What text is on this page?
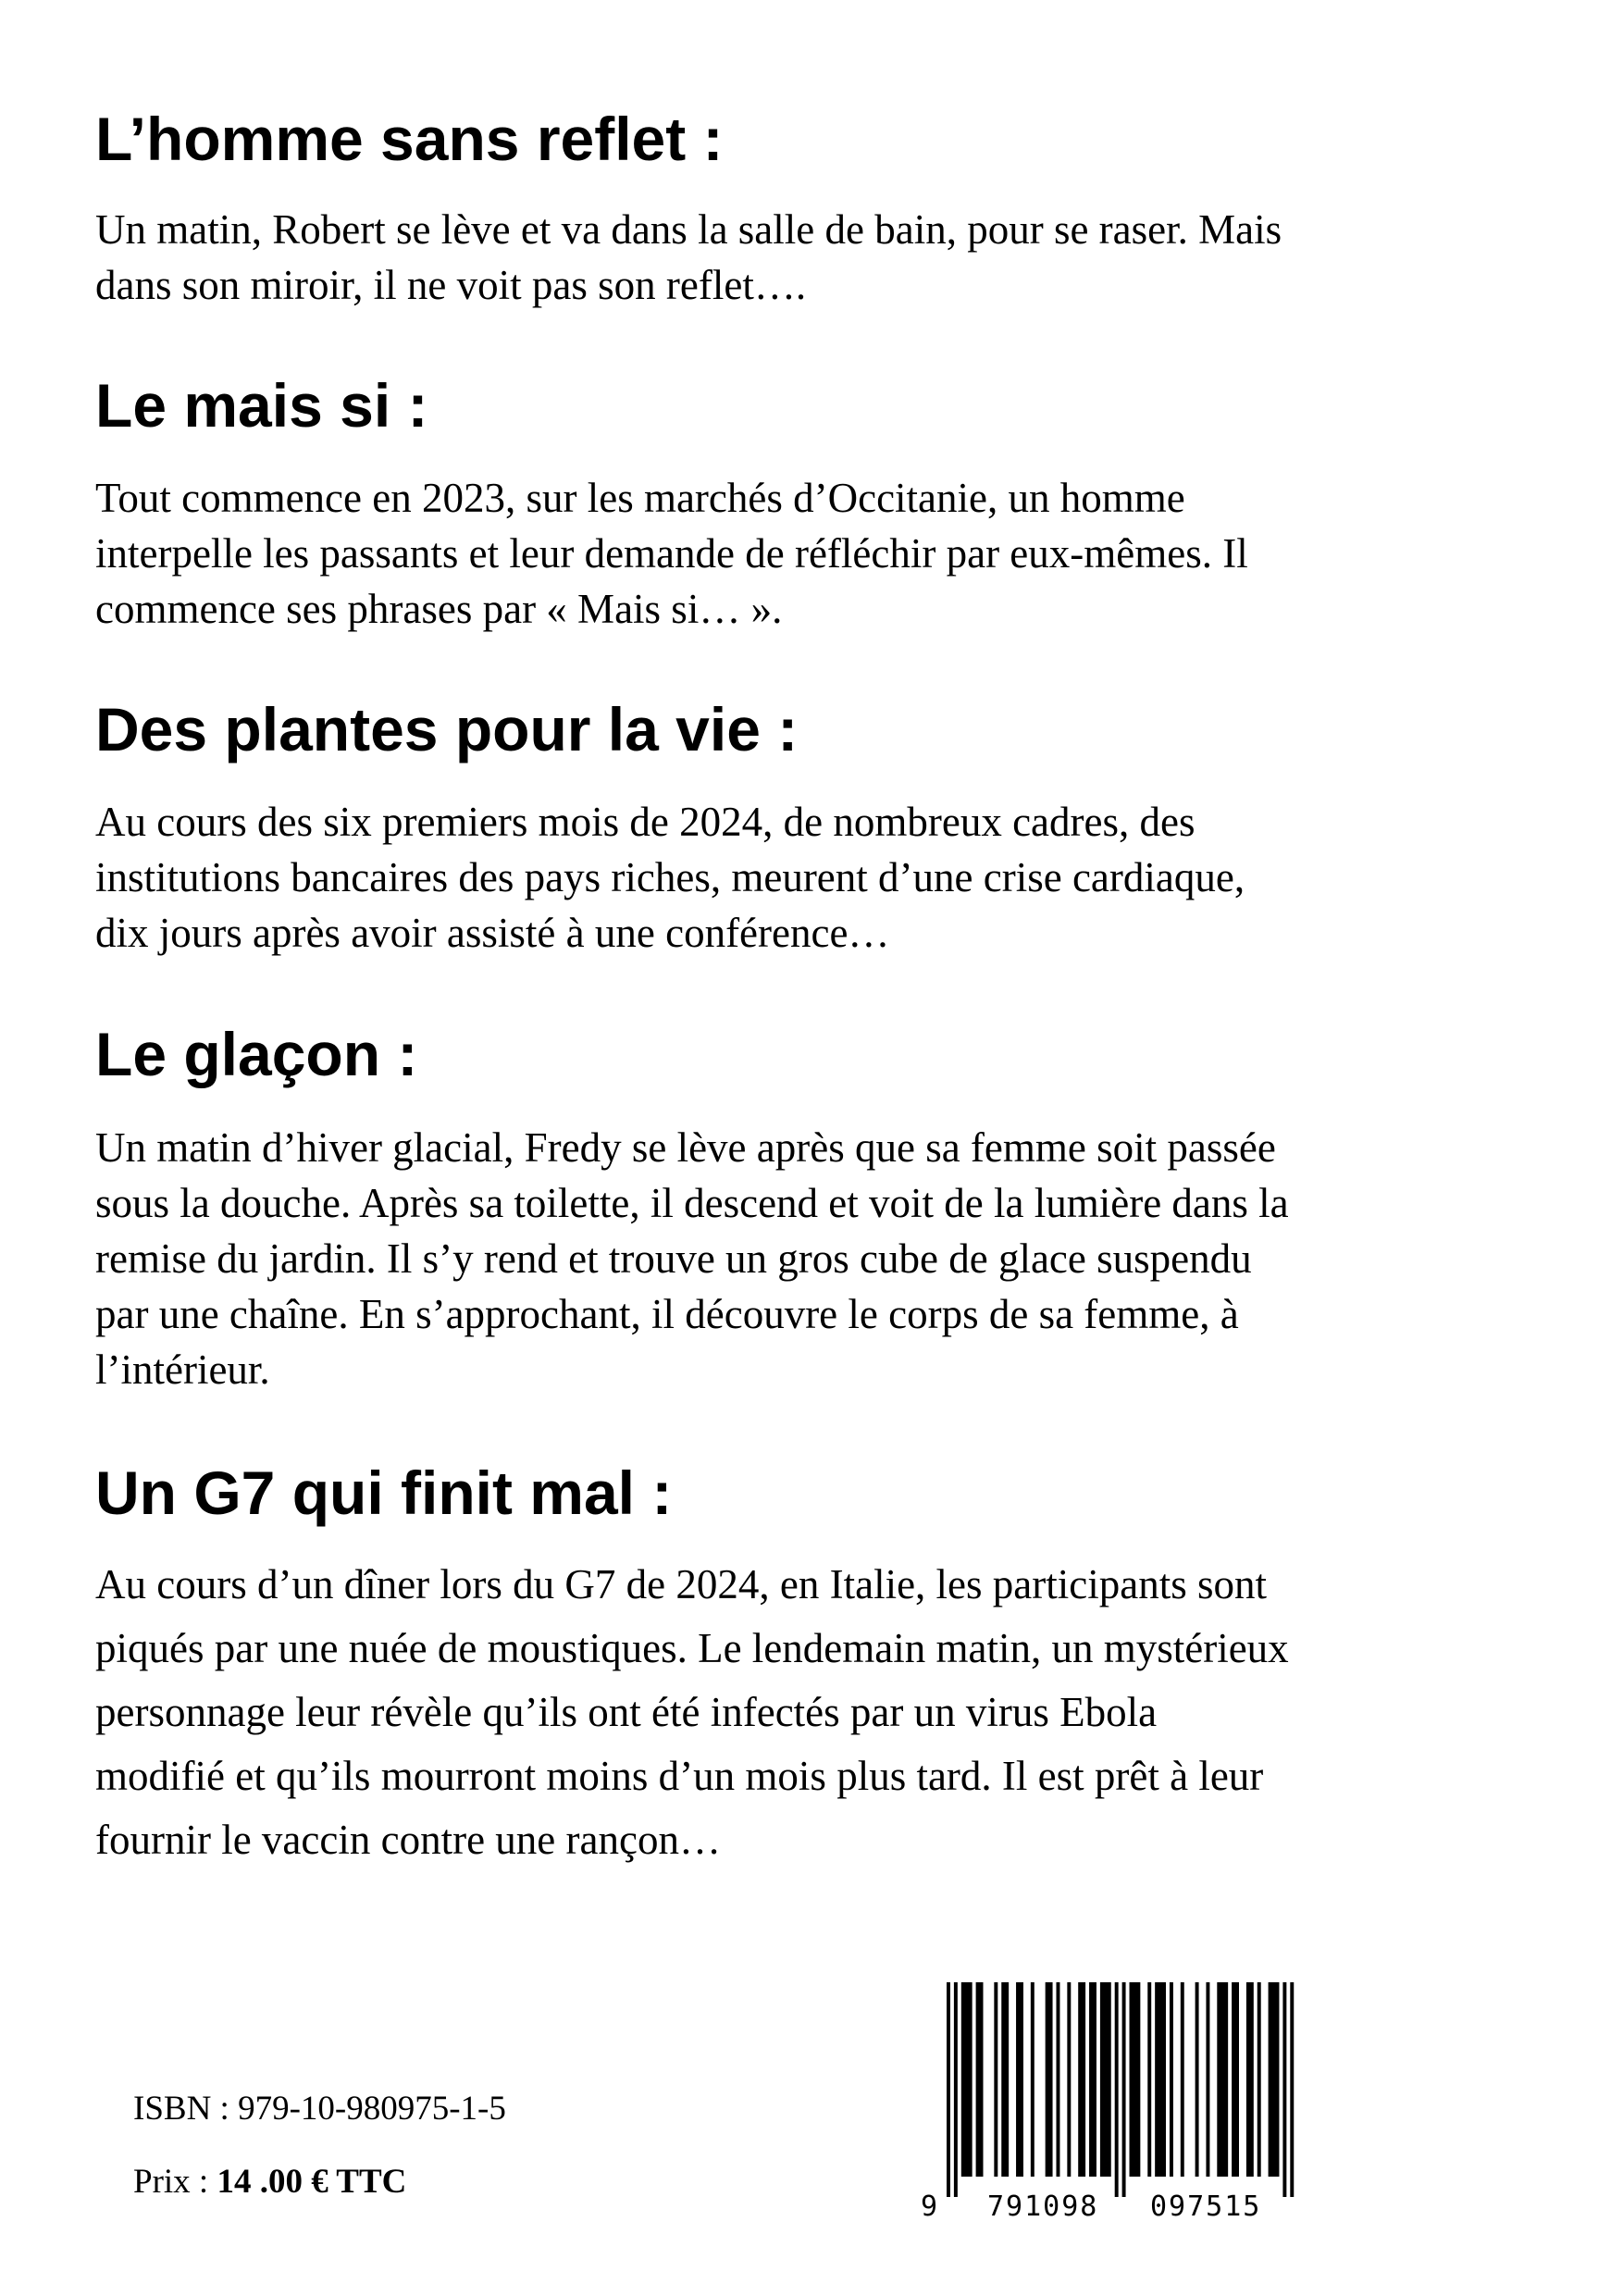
L’homme sans reflet :
Un matin, Robert se lève et va dans la salle de bain, pour se raser. Mais
dans son miroir, il ne voit pas son reflet….
Le mais si :
Tout commence en 2023, sur les marchés d’Occitanie, un homme
interpelle les passants et leur demande de réfléchir par eux-mêmes. Il
commence ses phrases par « Mais si… ».
Des plantes pour la vie :
Au cours des six premiers mois de 2024, de nombreux cadres, des
institutions bancaires des pays riches, meurent d’une crise cardiaque,
dix jours après avoir assisté à une conférence…
Le glaçon :
Un matin d’hiver glacial, Fredy se lève après que sa femme soit passée
sous la douche. Après sa toilette, il descend et voit de la lumière dans la
remise du jardin. Il s’y rend et trouve un gros cube de glace suspendu
par une chaîne. En s’approchant, il découvre le corps de sa femme, à
l’intérieur.
Un G7 qui finit mal :
Au cours d’un dîner lors du G7 de 2024, en Italie, les participants sont
piqués par une nuée de moustiques. Le lendemain matin, un mystérieux
personnage leur révèle qu’ils ont été infectés par un virus Ebola
modifié et qu’ils mourront moins d’un mois plus tard. Il est prêt à leur
fournir le vaccin contre une rançon…
ISBN : 979-10-980975-1-5
Prix : 14 .00 € TTC
9 791098 097515
